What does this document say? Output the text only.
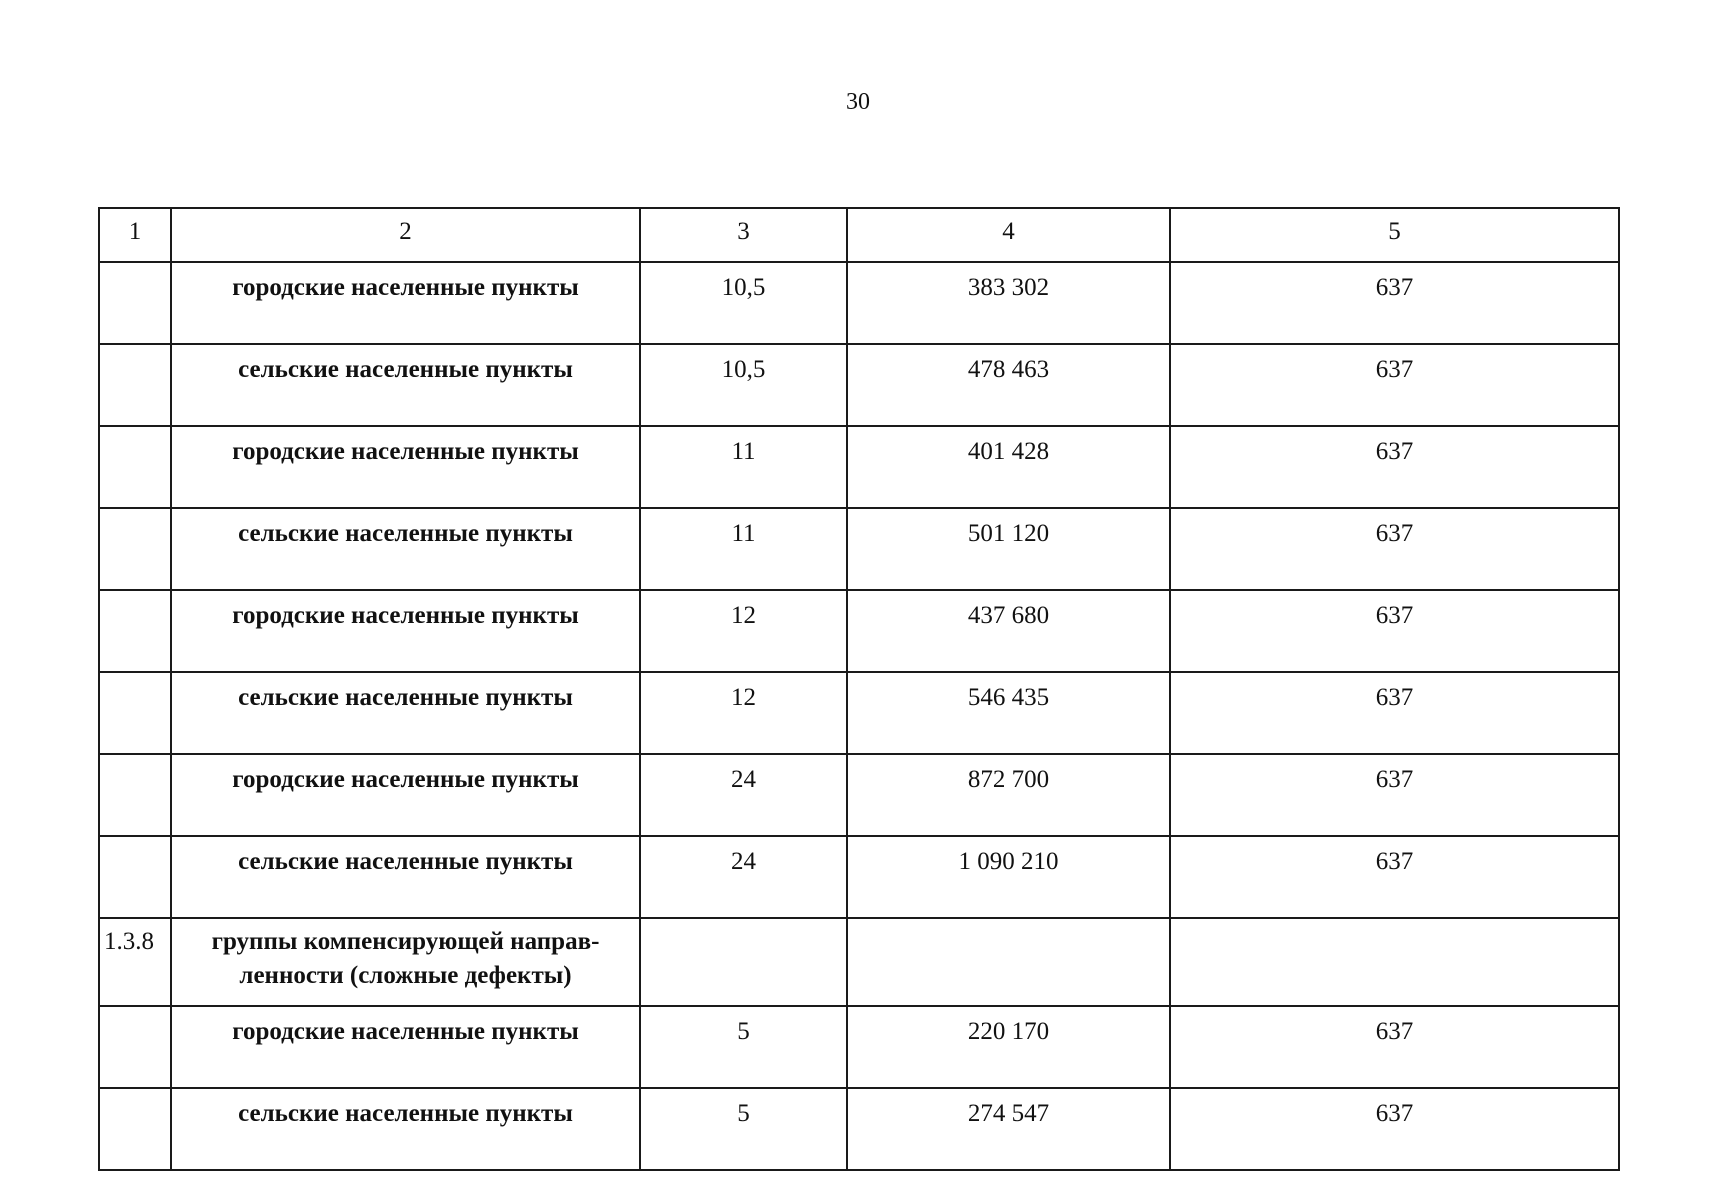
30
1	2	3	4	5
	городские населенные пункты	10,5	383 302	637
	сельские населенные пункты	10,5	478 463	637
	городские населенные пункты	11	401 428	637
	сельские населенные пункты	11	501 120	637
	городские населенные пункты	12	437 680	637
	сельские населенные пункты	12	546 435	637
	городские населенные пункты	24	872 700	637
	сельские населенные пункты	24	1 090 210	637
1.3.8	группы компенсирующей направ-ленности (сложные дефекты)			
	городские населенные пункты	5	220 170	637
	сельские населенные пункты	5	274 547	637
